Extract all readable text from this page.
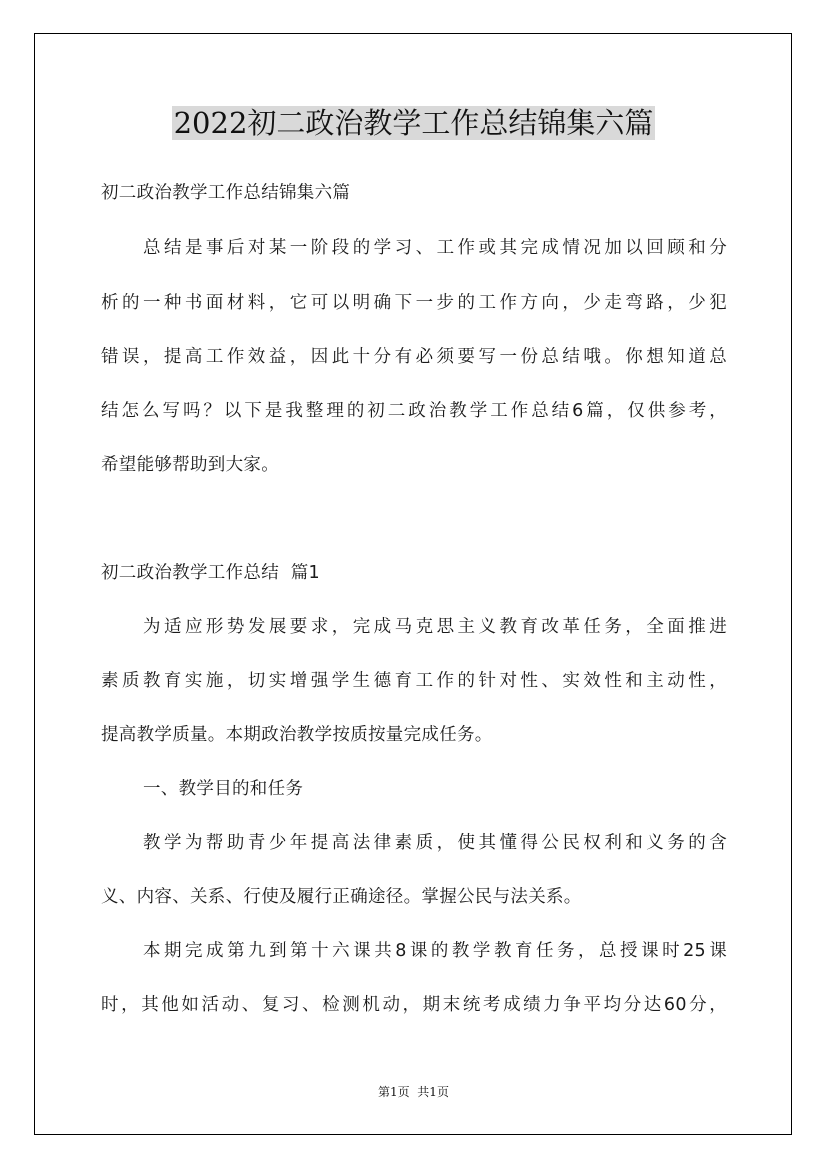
2022初二政治教学工作总结锦集六篇
初二政治教学工作总结锦集六篇
总结是事后对某一阶段的学习、工作或其完成情况加以回顾和分
析的一种书面材料，它可以明确下一步的工作方向，少走弯路，少犯
错误，提高工作效益，因此十分有必须要写一份总结哦。你想知道总
结怎么写吗？以下是我整理的初二政治教学工作总结6篇，仅供参考，
希望能够帮助到大家。
初二政治教学工作总结  篇1
为适应形势发展要求，完成马克思主义教育改革任务，全面推进
素质教育实施，切实增强学生德育工作的针对性、实效性和主动性，
提高教学质量。本期政治教学按质按量完成任务。
一、教学目的和任务
教学为帮助青少年提高法律素质，使其懂得公民权利和义务的含
义、内容、关系、行使及履行正确途径。掌握公民与法关系。
本期完成第九到第十六课共8课的教学教育任务，总授课时25课
时，其他如活动、复习、检测机动，期末统考成绩力争平均分达60分，
第1页  共1页
